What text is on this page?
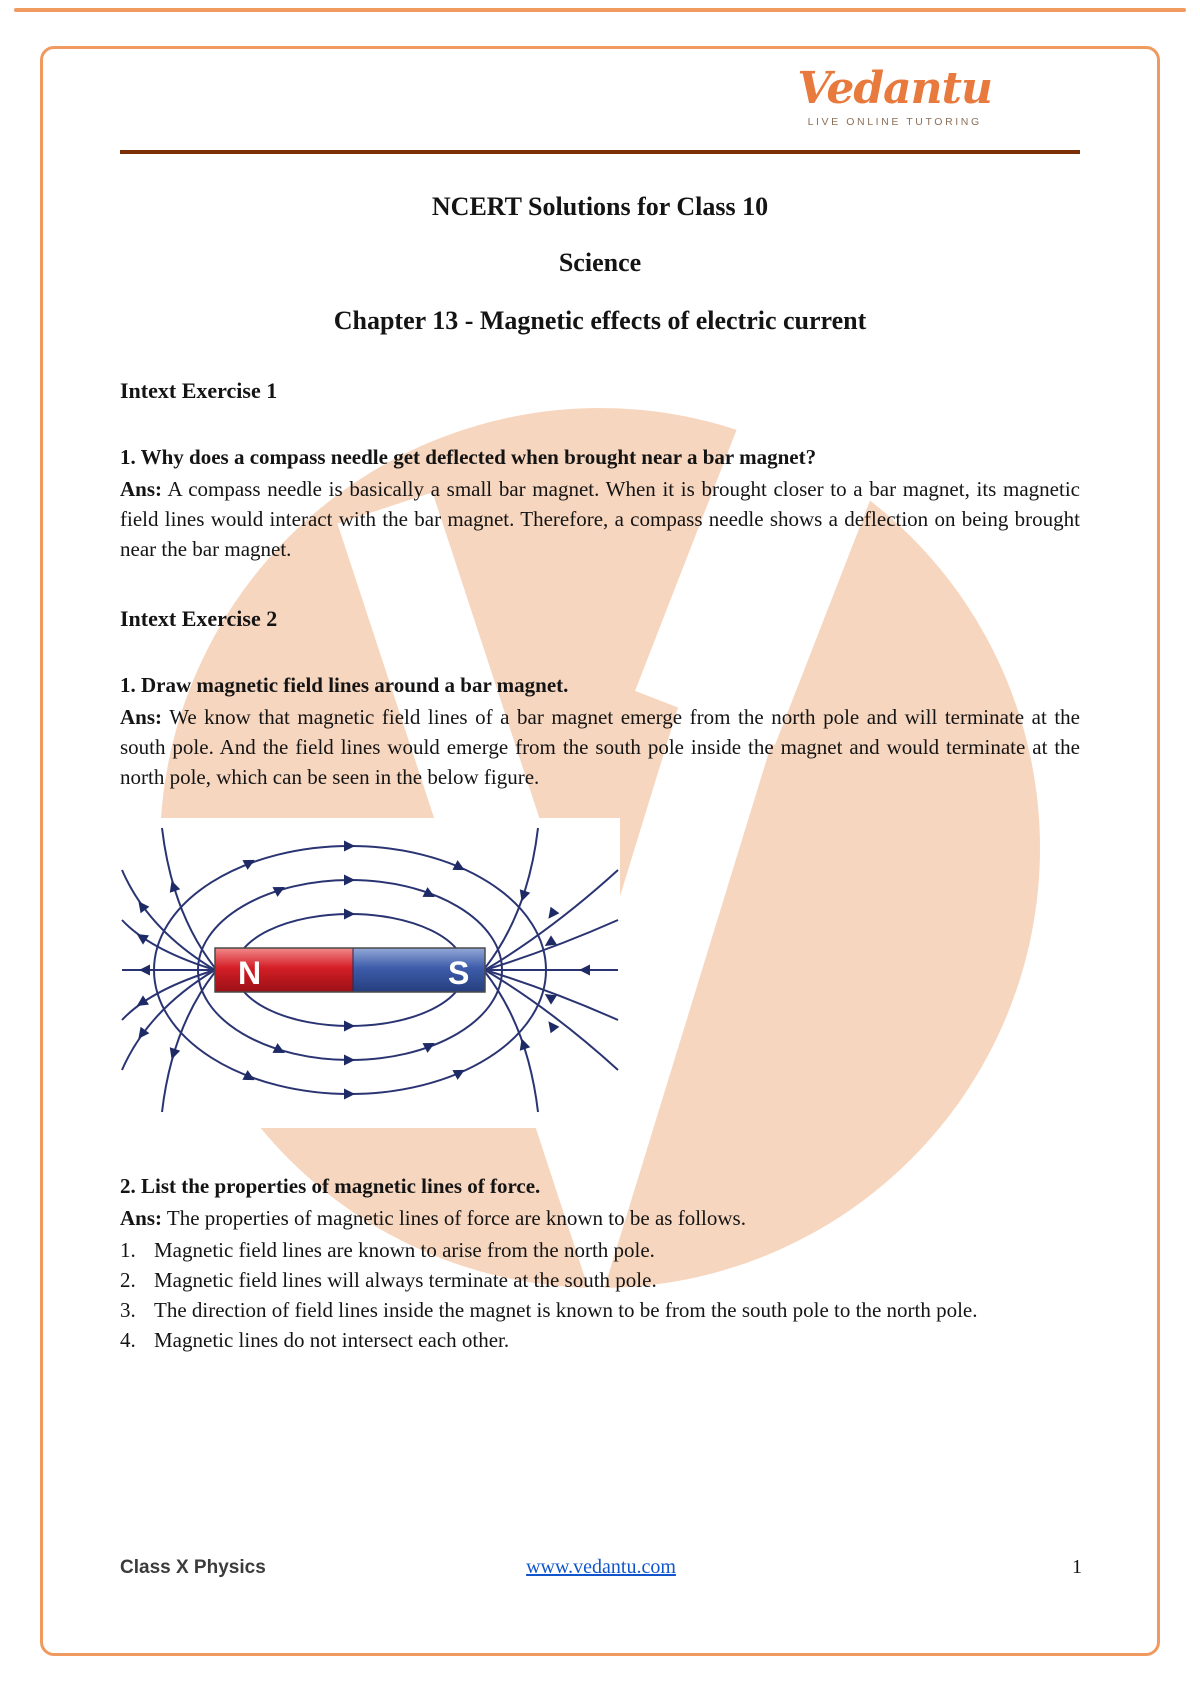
Vedantu
LIVE ONLINE TUTORING

NCERT Solutions for Class 10

Science

Chapter 13 - Magnetic effects of electric current

Intext Exercise 1

1. Why does a compass needle get deflected when brought near a bar magnet?

Ans: A compass needle is basically a small bar magnet. When it is brought closer to a bar magnet, its magnetic field lines would interact with the bar magnet. Therefore, a compass needle shows a deflection on being brought near the bar magnet.

Intext Exercise 2

1. Draw magnetic field lines around a bar magnet.

Ans: We know that magnetic field lines of a bar magnet emerge from the north pole and will terminate at the south pole. And the field lines would emerge from the south pole inside the magnet and would terminate at the north pole, which can be seen in the below figure.

N	S

2. List the properties of magnetic lines of force.

Ans: The properties of magnetic lines of force are known to be as follows.

1. Magnetic field lines are known to arise from the north pole.
2. Magnetic field lines will always terminate at the south pole.
3. The direction of field lines inside the magnet is known to be from the south pole to the north pole.
4. Magnetic lines do not intersect each other.
Class X Physics	www.vedantu.com	1
